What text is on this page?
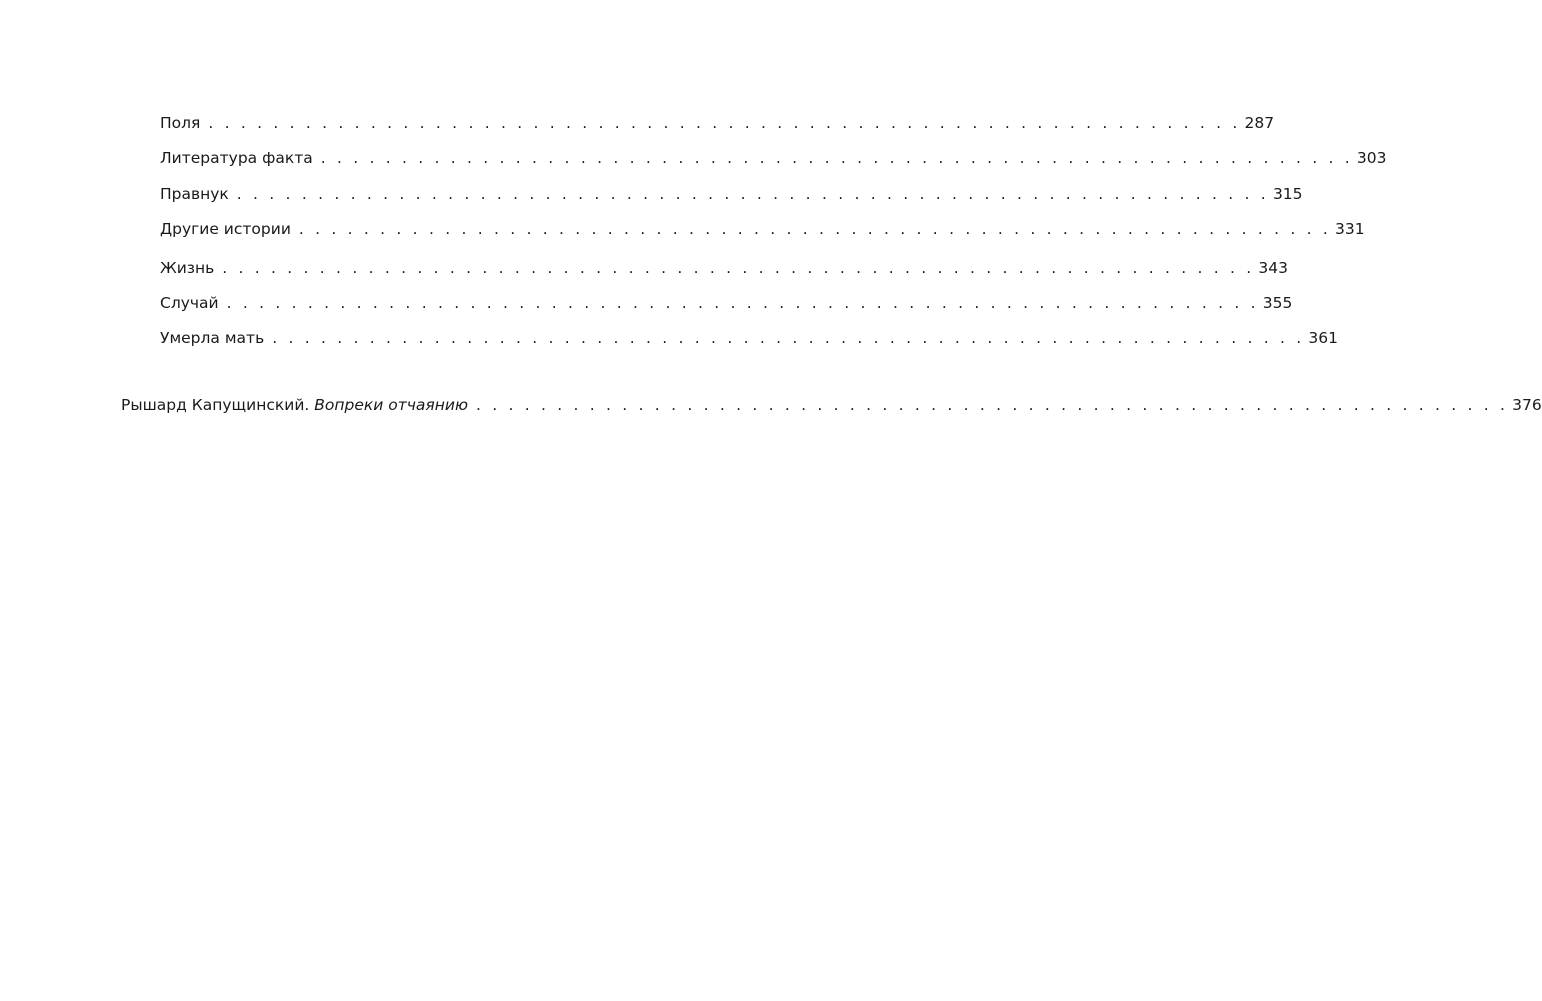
Поля . . . . . . . . . . . . . . . . . . . . . . . . . . . . . . . . . . . . . . . . . . . . . . . . . . . . . . . . . . . . . . . . 287
Литература факта . . . . . . . . . . . . . . . . . . . . . . . . . . . . . . . . . . . . . . . . . . . . . . . . . . . . . . . . . . . . . . . . 303
Правнук . . . . . . . . . . . . . . . . . . . . . . . . . . . . . . . . . . . . . . . . . . . . . . . . . . . . . . . . . . . . . . . . 315
Другие истории . . . . . . . . . . . . . . . . . . . . . . . . . . . . . . . . . . . . . . . . . . . . . . . . . . . . . . . . . . . . . . . . 331
Жизнь . . . . . . . . . . . . . . . . . . . . . . . . . . . . . . . . . . . . . . . . . . . . . . . . . . . . . . . . . . . . . . . . 343
Случай . . . . . . . . . . . . . . . . . . . . . . . . . . . . . . . . . . . . . . . . . . . . . . . . . . . . . . . . . . . . . . . . 355
Умерла мать . . . . . . . . . . . . . . . . . . . . . . . . . . . . . . . . . . . . . . . . . . . . . . . . . . . . . . . . . . . . . . . . 361
Рышард Капущинский. Вопреки отчаянию . . . . . . . . . . . . . . . . . . . . . . . . . . . . . . . . . . . . . . . . . . . . . . . . . . . . . . . . . . . . . . . . 376
